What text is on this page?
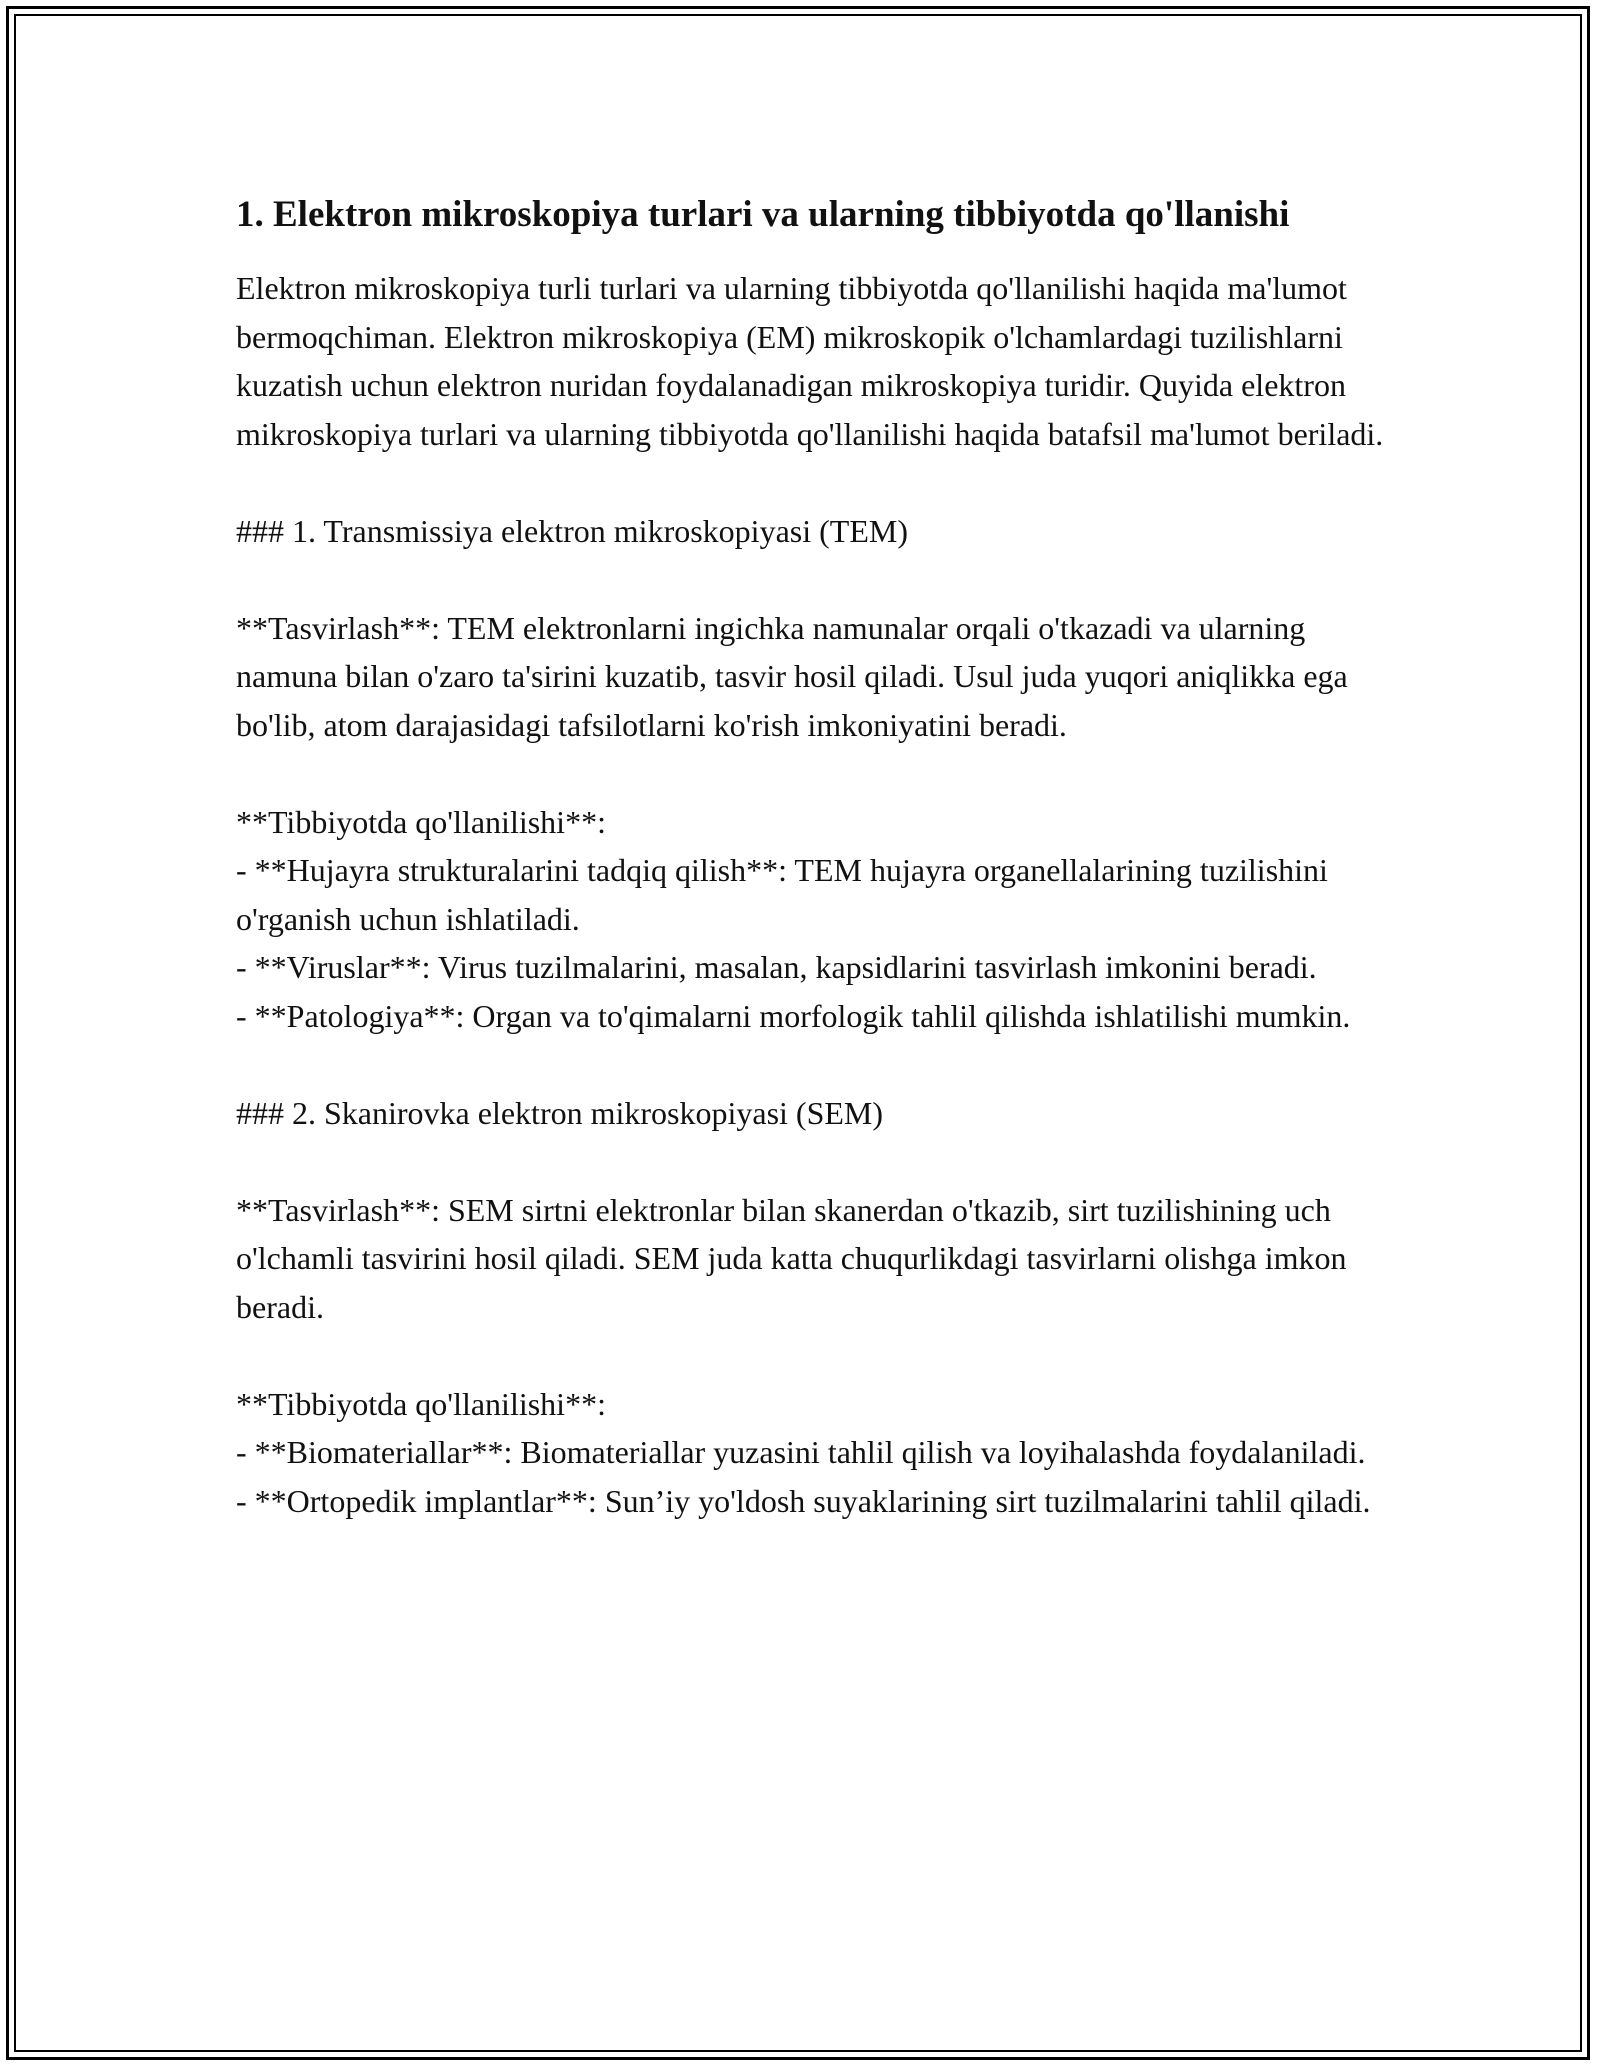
1. Elektron mikroskopiya turlari va ularning tibbiyotda qo'llanishi

Elektron mikroskopiya turli turlari va ularning tibbiyotda qo'llanilishi haqida ma'lumot bermoqchiman. Elektron mikroskopiya (EM) mikroskopik o'lchamlardagi tuzilishlarni kuzatish uchun elektron nuridan foydalanadigan mikroskopiya turidir. Quyida elektron mikroskopiya turlari va ularning tibbiyotda qo'llanilishi haqida batafsil ma'lumot beriladi.

### 1. Transmissiya elektron mikroskopiyasi (TEM)

**Tasvirlash**: TEM elektronlarni ingichka namunalar orqali o'tkazadi va ularning namuna bilan o'zaro ta'sirini kuzatib, tasvir hosil qiladi. Usul juda yuqori aniqlikka ega bo'lib, atom darajasidagi tafsilotlarni ko'rish imkoniyatini beradi.

**Tibbiyotda qo'llanilishi**:

- **Hujayra strukturalarini tadqiq qilish**: TEM hujayra organellalarining tuzilishini o'rganish uchun ishlatiladi.

- **Viruslar**: Virus tuzilmalarini, masalan, kapsidlarini tasvirlash imkonini beradi.

- **Patologiya**: Organ va to'qimalarni morfologik tahlil qilishda ishlatilishi mumkin.

### 2. Skanirovka elektron mikroskopiyasi (SEM)

**Tasvirlash**: SEM sirtni elektronlar bilan skanerdan o'tkazib, sirt tuzilishining uch o'lchamli tasvirini hosil qiladi. SEM juda katta chuqurlikdagi tasvirlarni olishga imkon beradi.

**Tibbiyotda qo'llanilishi**:

- **Biomateriallar**: Biomateriallar yuzasini tahlil qilish va loyihalashda foydalaniladi.

- **Ortopedik implantlar**: Sun’iy yo'ldosh suyaklarining sirt tuzilmalarini tahlil qiladi.
